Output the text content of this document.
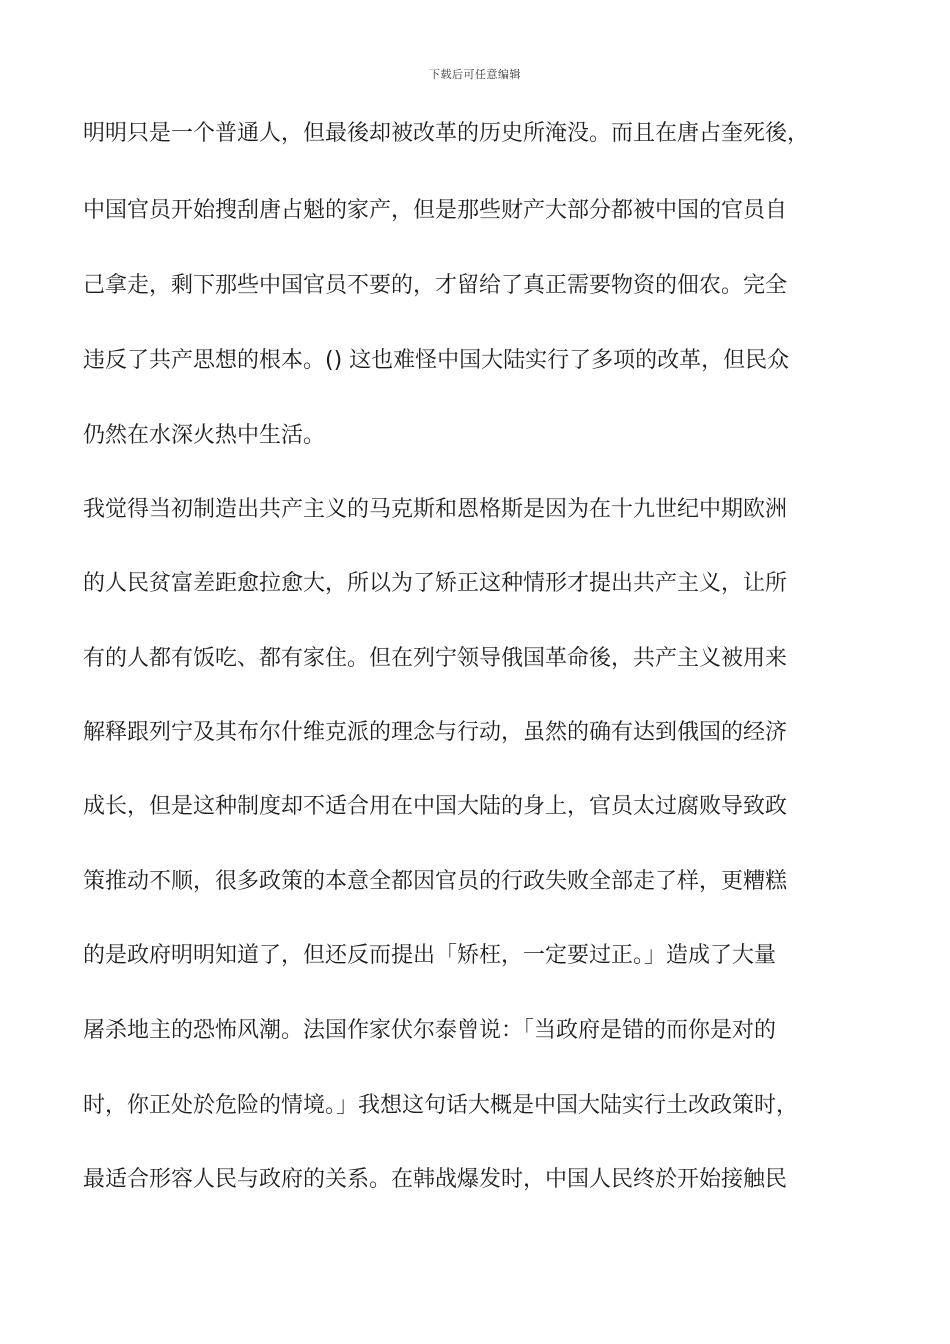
下载后可任意编辑
明明只是一个普通人，但最後却被改革的历史所淹没。而且在唐占奎死後，
中国官员开始搜刮唐占魁的家产，但是那些财产大部分都被中国的官员自
己拿走，剩下那些中国官员不要的，才留给了真正需要物资的佃农。完全
违反了共产思想的根本。() 这也难怪中国大陆实行了多项的改革，但民众
仍然在水深火热中生活。
我觉得当初制造出共产主义的马克斯和恩格斯是因为在十九世纪中期欧洲
的人民贫富差距愈拉愈大，所以为了矫正这种情形才提出共产主义，让所
有的人都有饭吃、都有家住。但在列宁领导俄国革命後，共产主义被用来
解释跟列宁及其布尔什维克派的理念与行动，虽然的确有达到俄国的经济
成长，但是这种制度却不适合用在中国大陆的身上，官员太过腐败导致政
策推动不顺，很多政策的本意全都因官员的行政失败全部走了样，更糟糕
的是政府明明知道了，但还反而提出「矫枉，一定要过正。」造成了大量
屠杀地主的恐怖风潮。法国作家伏尔泰曾说：「当政府是错的而你是对的
时，你正处於危险的情境。」我想这句话大概是中国大陆实行土改政策时，
最适合形容人民与政府的关系。在韩战爆发时，中国人民终於开始接触民
